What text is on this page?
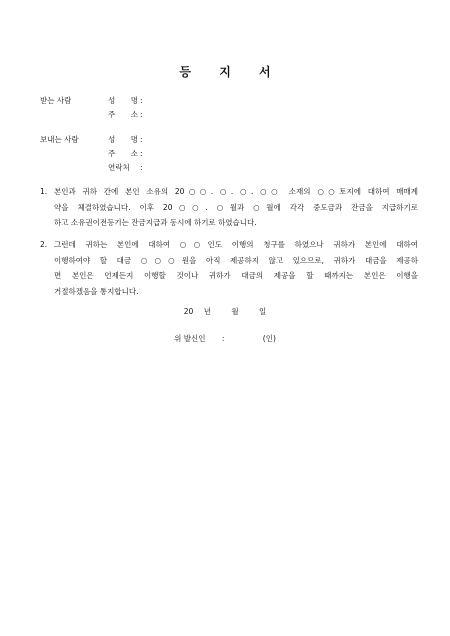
등 지 서
받는 사람	성 명 :
주 소 :
보내는 사람	성 명 :
주 소 :
연락처	:
1. 본인과 귀하 간에 본인 소유의 20○○. ○. ○. ○○ 소재의 ○○토지에 대하여 매매계
약을 체결하였습니다. 이후 20○○. ○월과 ○월에 각각 중도금과 잔금을 지급하기로
하고 소유권이전등기는 잔금지급과 동시에 하기로 하였습니다.
2. 그런데 귀하는 본인에 대하여 ○○인도 이행의 청구를 하였으나 귀하가 본인에 대하여
이행하여야 할 대금 ○○○원을 아직 제공하지 않고 있으므로, 귀하가 대금을 제공하
면 본인은 언제든지 이행할 것이나 귀하가 대금의 제공을 할 때까지는 본인은 이행을
거절하겠음을 통지합니다.
20 년	월	일
위 발신인 :	(인)
